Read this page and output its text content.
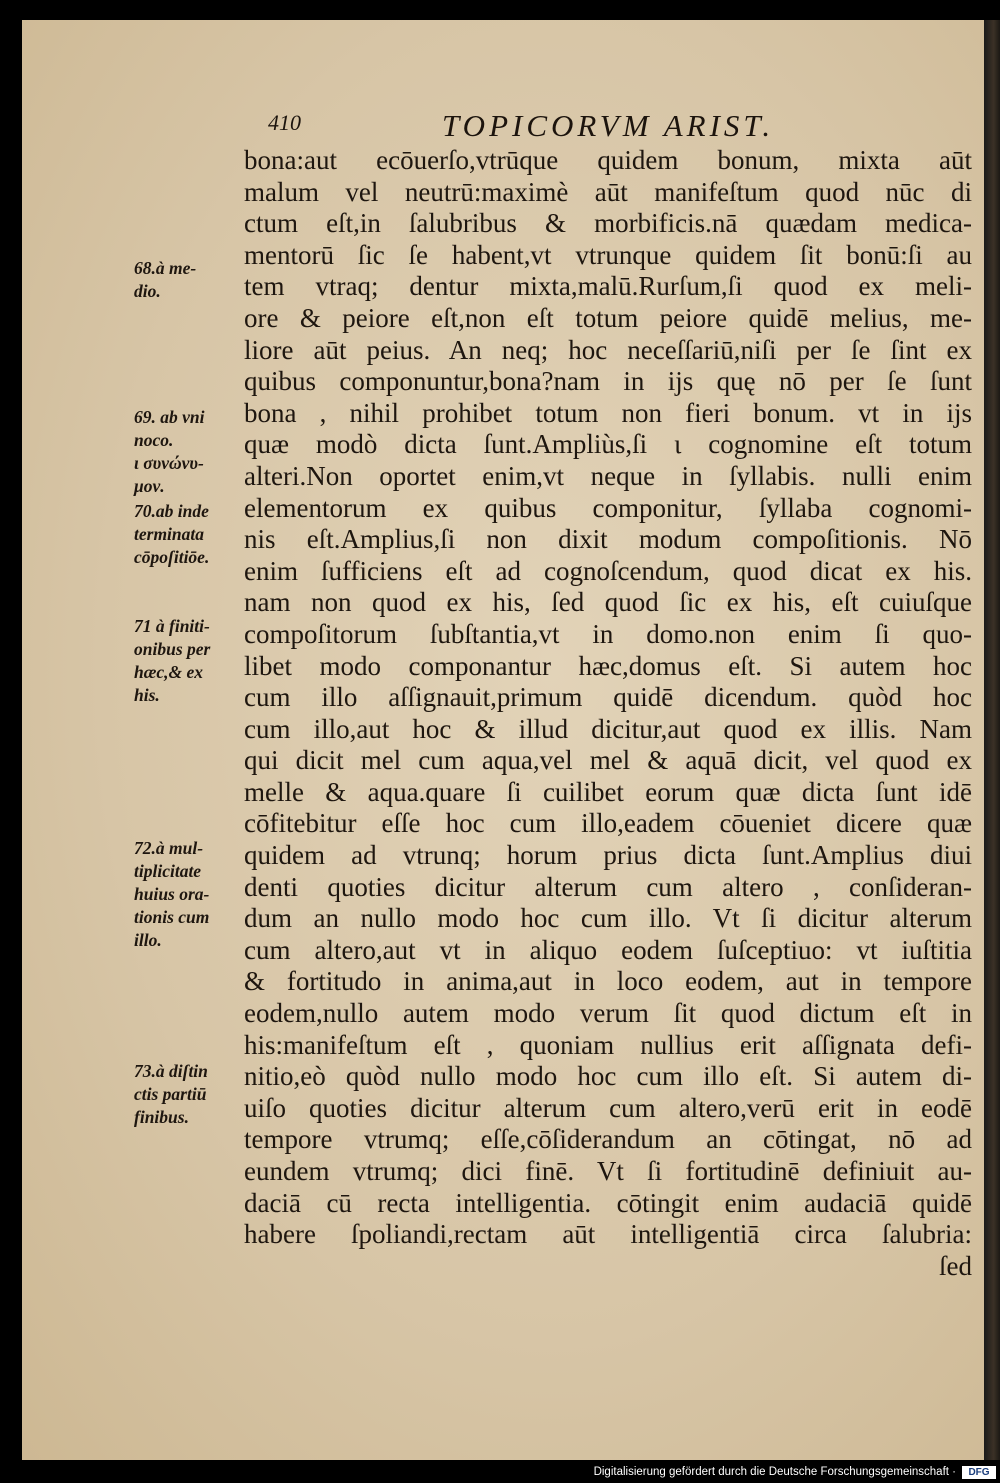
410	TOPICORVM ARIST.
68.à me-
dio.
69. ab vni
noco.
ι συνώνυ-
μον.
70.ab inde
terminata
cōpoſitiōe.
71 à finiti-
onibus per
hæc,& ex
his.
72.à mul-
tiplicitate
huius ora-
tionis cum
illo.
73.à diſtin
ctis partiū
finibus.
bona:aut ecōuerſo,vtrūque quidem bonum, mixta aūt
malum vel neutrū:maximè aūt manifeſtum quod nūc di
ctum eſt,in ſalubribus & morbificis.nā quædam medica-
mentorū ſic ſe habent,vt vtrunque quidem ſit bonū:ſi au
tem vtraq; dentur mixta,malū.Rurſum,ſi quod ex meli-
ore & peiore eſt,non eſt totum peiore quidē melius, me-
liore aūt peius. An neq; hoc neceſſariū,niſi per ſe ſint ex
quibus componuntur,bona?nam in ijs quę nō per ſe ſunt
bona , nihil prohibet totum non fieri bonum. vt in ijs
quæ modò dicta ſunt.Ampliùs,ſi ι cognomine eſt totum
alteri.Non oportet enim,vt neque in ſyllabis. nulli enim
elementorum ex quibus componitur, ſyllaba cognomi-
nis eſt.Amplius,ſi non dixit modum compoſitionis. Nō
enim ſufficiens eſt ad cognoſcendum, quod dicat ex his.
nam non quod ex his, ſed quod ſic ex his, eſt cuiuſque
compoſitorum ſubſtantia,vt in domo.non enim ſi quo-
libet modo componantur hæc,domus eſt. Si autem hoc
cum illo aſſignauit,primum quidē dicendum. quòd hoc
cum illo,aut hoc & illud dicitur,aut quod ex illis. Nam
qui dicit mel cum aqua,vel mel & aquā dicit, vel quod ex
melle & aqua.quare ſi cuilibet eorum quæ dicta ſunt idē
cōfitebitur eſſe hoc cum illo,eadem cōueniet dicere quæ
quidem ad vtrunq; horum prius dicta ſunt.Amplius diui
denti quoties dicitur alterum cum altero , conſideran-
dum an nullo modo hoc cum illo. Vt ſi dicitur alterum
cum altero,aut vt in aliquo eodem ſuſceptiuo: vt iuſtitia
& fortitudo in anima,aut in loco eodem, aut in tempore
eodem,nullo autem modo verum ſit quod dictum eſt in
his:manifeſtum eſt , quoniam nullius erit aſſignata defi-
nitio,eò quòd nullo modo hoc cum illo eſt. Si autem di-
uiſo quoties dicitur alterum cum altero,verū erit in eodē
tempore vtrumq; eſſe,cōſiderandum an cōtingat, nō ad
eundem vtrumq; dici finē. Vt ſi fortitudinē definiuit au-
daciā cū recta intelligentia. cōtingit enim audaciā quidē
habere ſpoliandi,rectam aūt intelligentiā circa ſalubria:
ſed
Digitalisierung gefördert durch die Deutsche Forschungsgemeinschaft ·	DFG
